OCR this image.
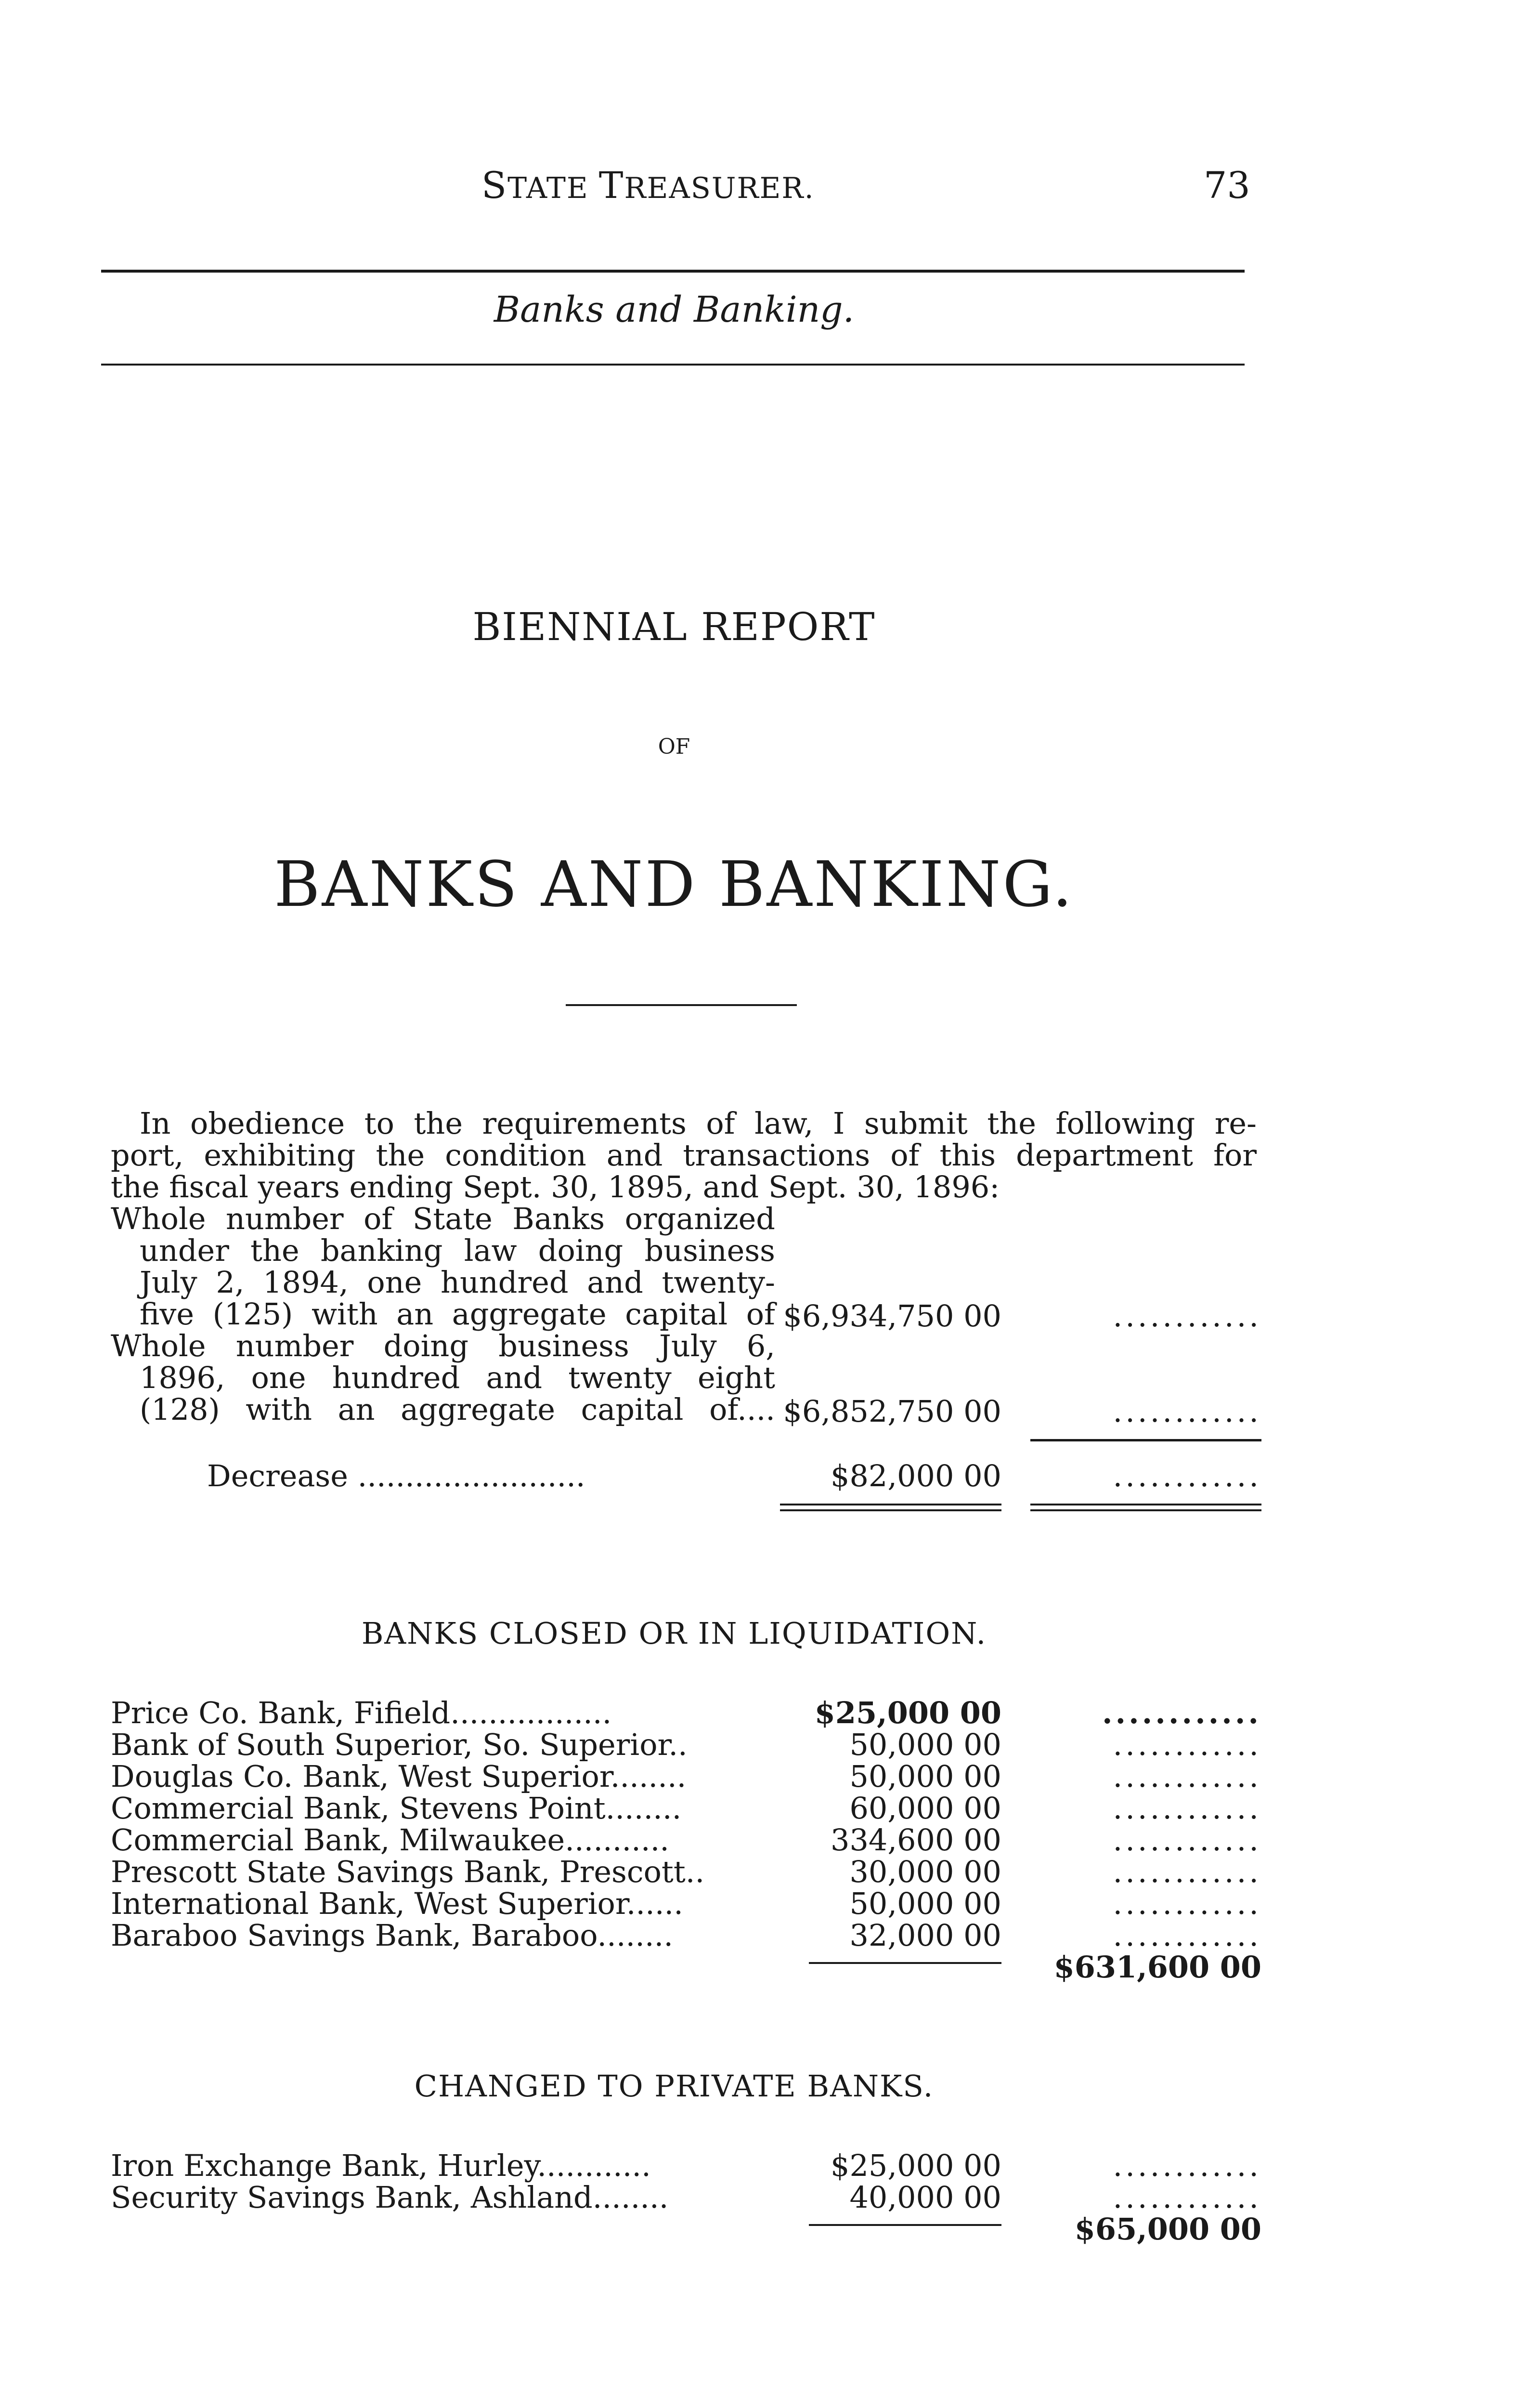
STATE TREASURER.	73
Banks and Banking.
BIENNIAL REPORT
OF
BANKS AND BANKING.
In obedience to the requirements of law, I submit the following re-
port, exhibiting the condition and transactions of this department for
the fiscal years ending Sept. 30, 1895, and Sept. 30, 1896:
Whole number of State Banks organized
under the banking law doing business
July 2, 1894, one hundred and twenty-
five (125) with an aggregate capital of $6,934,750 00	............
Whole number doing business July 6,
1896, one hundred and twenty eight
(128) with an aggregate capital of.... $6,852,750 00	............
Decrease ........................	$82,000 00	............
BANKS CLOSED OR IN LIQUIDATION.
Price Co. Bank, Fifield.................	$25,000 00	............
Bank of South Superior, So. Superior..	50,000 00	............
Douglas Co. Bank, West Superior........	50,000 00	............
Commercial Bank, Stevens Point........	60,000 00	............
Commercial Bank, Milwaukee...........	334,600 00	............
Prescott State Savings Bank, Prescott..	30,000 00	............
International Bank, West Superior......	50,000 00	............
Baraboo Savings Bank, Baraboo........	32,000 00	............
$631,600 00
CHANGED TO PRIVATE BANKS.
Iron Exchange Bank, Hurley............	$25,000 00	............
Security Savings Bank, Ashland........	40,000 00	............
$65,000 00
